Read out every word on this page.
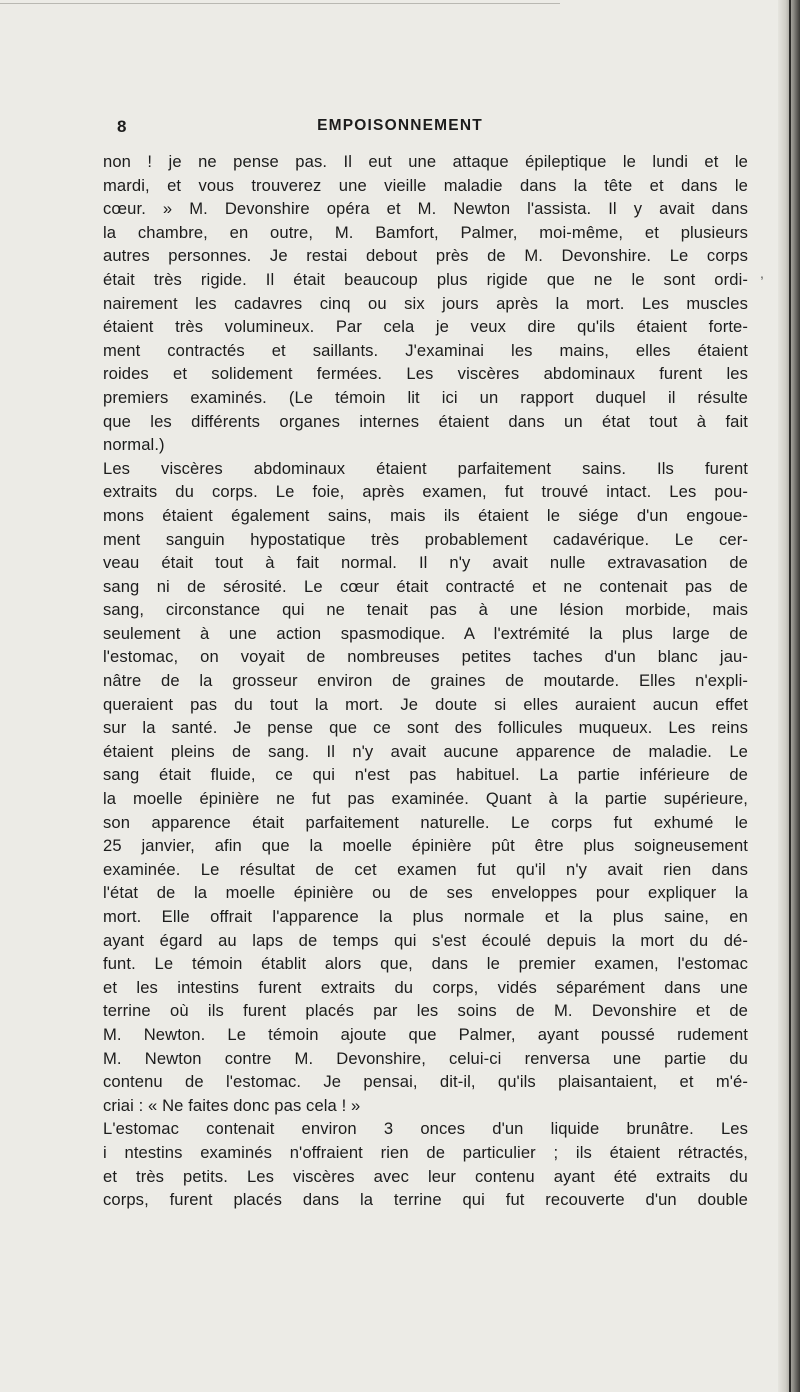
8	EMPOISONNEMENT
,
non ! je ne pense pas. Il eut une attaque épileptique le lundi et le
mardi, et vous trouverez une vieille maladie dans la tête et dans le
cœur. » M. Devonshire opéra et M. Newton l'assista. Il y avait dans
la chambre, en outre, M. Bamfort, Palmer, moi-même, et plusieurs
autres personnes. Je restai debout près de M. Devonshire. Le corps
était très rigide. Il était beaucoup plus rigide que ne le sont ordi-
nairement les cadavres cinq ou six jours après la mort. Les muscles
étaient très volumineux. Par cela je veux dire qu'ils étaient forte-
ment contractés et saillants. J'examinai les mains, elles étaient
roides et solidement fermées. Les viscères abdominaux furent les
premiers examinés. (Le témoin lit ici un rapport duquel il résulte
que les différents organes internes étaient dans un état tout à fait
normal.)
Les viscères abdominaux étaient parfaitement sains. Ils furent
extraits du corps. Le foie, après examen, fut trouvé intact. Les pou-
mons étaient également sains, mais ils étaient le siége d'un engoue-
ment sanguin hypostatique très probablement cadavérique. Le cer-
veau était tout à fait normal. Il n'y avait nulle extravasation de
sang ni de sérosité. Le cœur était contracté et ne contenait pas de
sang, circonstance qui ne tenait pas à une lésion morbide, mais
seulement à une action spasmodique. A l'extrémité la plus large de
l'estomac, on voyait de nombreuses petites taches d'un blanc jau-
nâtre de la grosseur environ de graines de moutarde. Elles n'expli-
queraient pas du tout la mort. Je doute si elles auraient aucun effet
sur la santé. Je pense que ce sont des follicules muqueux. Les reins
étaient pleins de sang. Il n'y avait aucune apparence de maladie. Le
sang était fluide, ce qui n'est pas habituel. La partie inférieure de
la moelle épinière ne fut pas examinée. Quant à la partie supérieure,
son apparence était parfaitement naturelle. Le corps fut exhumé le
25 janvier, afin que la moelle épinière pût être plus soigneusement
examinée. Le résultat de cet examen fut qu'il n'y avait rien dans
l'état de la moelle épinière ou de ses enveloppes pour expliquer la
mort. Elle offrait l'apparence la plus normale et la plus saine, en
ayant égard au laps de temps qui s'est écoulé depuis la mort du dé-
funt. Le témoin établit alors que, dans le premier examen, l'estomac
et les intestins furent extraits du corps, vidés séparément dans une
terrine où ils furent placés par les soins de M. Devonshire et de
M. Newton. Le témoin ajoute que Palmer, ayant poussé rudement
M. Newton contre M. Devonshire, celui-ci renversa une partie du
contenu de l'estomac. Je pensai, dit-il, qu'ils plaisantaient, et m'é-
criai : « Ne faites donc pas cela ! »
L'estomac contenait environ 3 onces d'un liquide brunâtre. Les
i ntestins examinés n'offraient rien de particulier ; ils étaient rétractés,
et très petits. Les viscères avec leur contenu ayant été extraits du
corps, furent placés dans la terrine qui fut recouverte d'un double
